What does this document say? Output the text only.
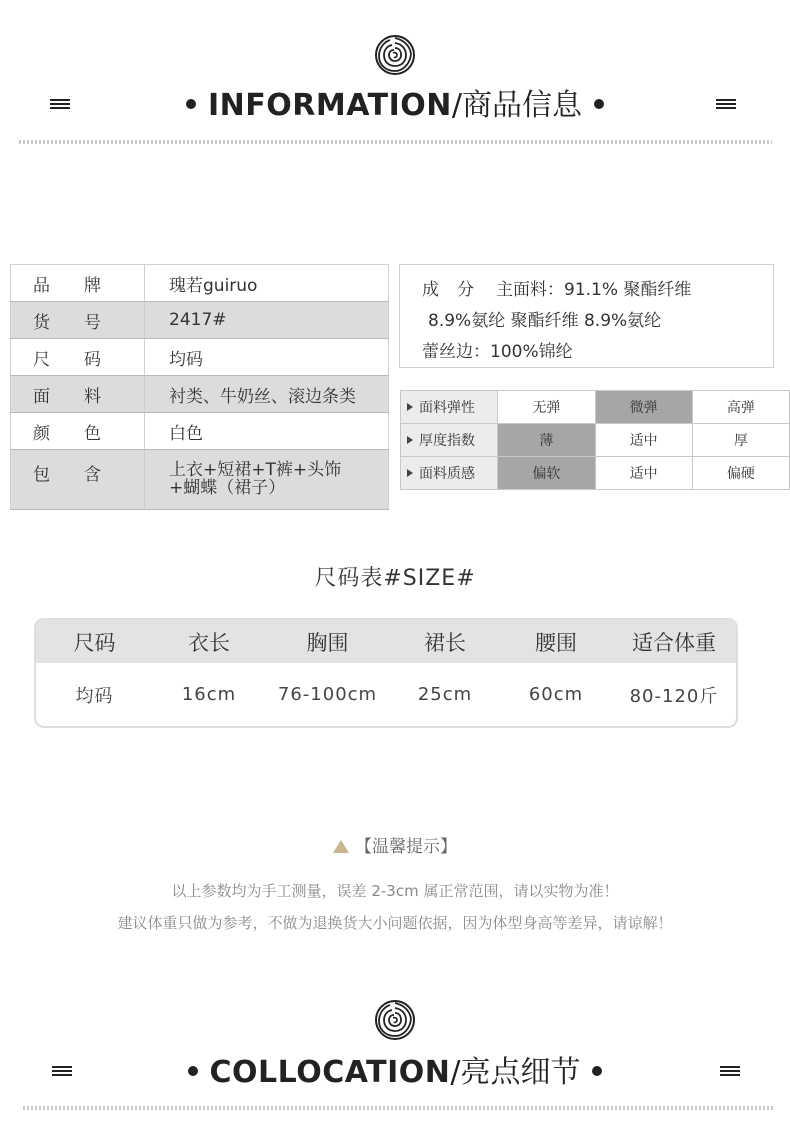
INFORMATION/商品信息
品牌	瑰若guiruo
货号	2417#
尺码	均码
面料	衬类、牛奶丝、滚边条类
颜色	白色
包含	上衣+短裙+T裤+头饰
+蝴蝶（裙子）
成分 主面料：91.1% 聚酯纤维
8.9%氨纶 聚酯纤维 8.9%氨纶
蕾丝边：100%锦纶
面料弹性	无弹	微弹	高弹
厚度指数	薄	适中	厚
面料质感	偏软	适中	偏硬
尺码表#SIZE#
尺码	衣长	胸围	裙长	腰围	适合体重
均码	16cm	76-100cm	25cm	60cm	80-120斤
【温馨提示】
以上参数均为手工测量，误差 2-3cm 属正常范围，请以实物为准！
建议体重只做为参考，不做为退换货大小问题依据，因为体型身高等差异，请谅解！
COLLOCATION/亮点细节
